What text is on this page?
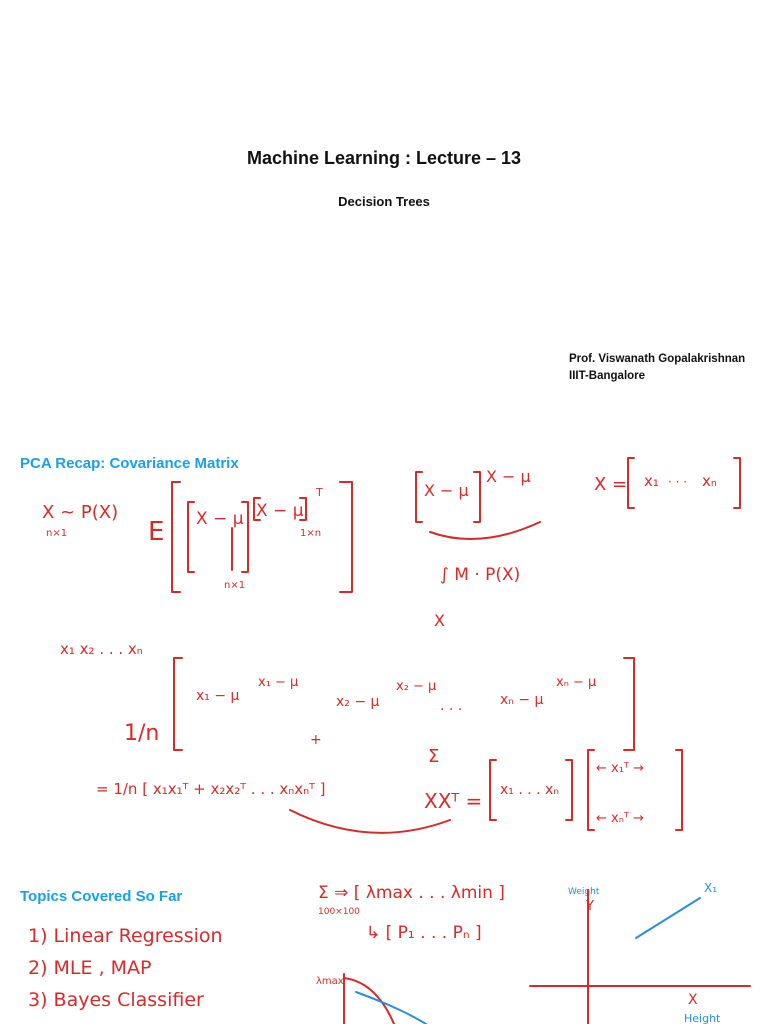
Machine Learning : Lecture – 13
Decision Trees
Prof. Viswanath Gopalakrishnan
IIIT-Bangalore
PCA Recap: Covariance Matrix
X ~ P(X)
n×1	E X − μ X − μ
T
1×n
n×1
X − μ
X − μ
∫ M · P(X)
X
X = x₁ · · · xₙ
x₁ x₂ . . . xₙ
1/n
x₁ − μ
x₁ − μ
+
x₂ − μ
x₂ − μ
. . .	xₙ − μ
xₙ − μ
= 1/n [ x₁x₁ᵀ + x₂x₂ᵀ . . . xₙxₙᵀ ]
Σ
XXᵀ = x₁ . . . xₙ
← x₁ᵀ →
← xₙᵀ →
Topics Covered So Far
1) Linear Regression
2) MLE , MAP
3) Bayes Classifier
Σ ⇒ [ λmax . . . λmin ]
100×100
↳ [ P₁ . . . Pₙ ]
Weight
Y
X₁
X
Height
λmax
